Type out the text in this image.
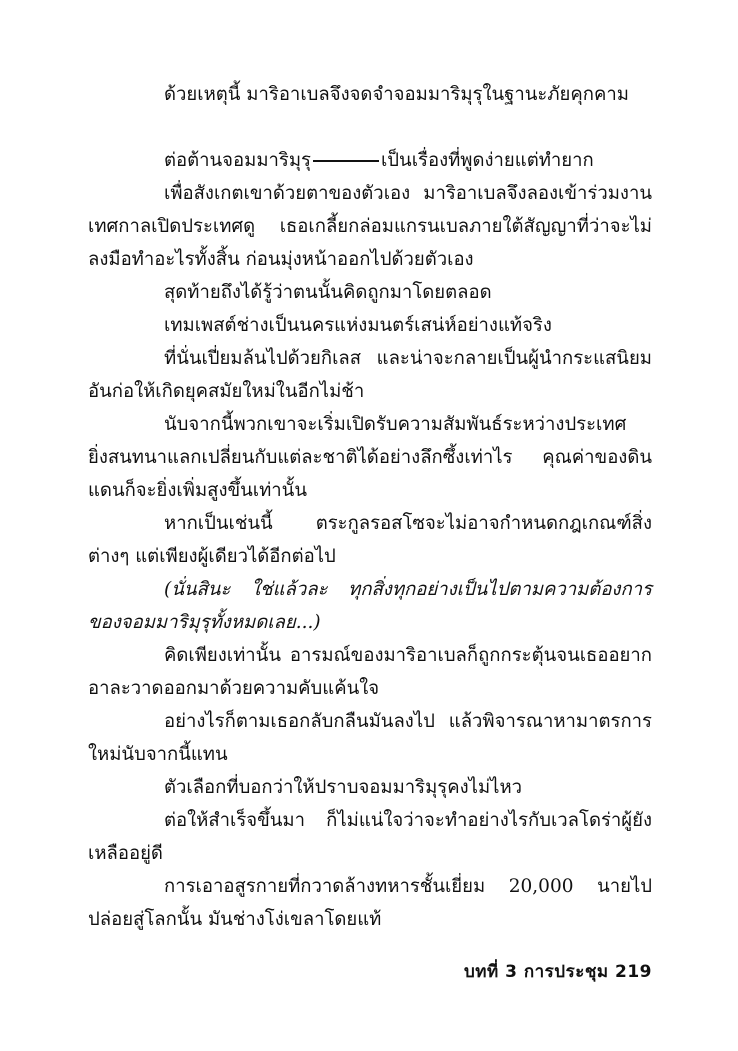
ด้วยเหตุนี้ มาริอาเบลจึงจดจำจอมมาริมุรุในฐานะภัยคุกคาม

ต่อต้านจอมมาริมุรุ	เป็นเรื่องที่พูดง่ายแต่ทำยาก

เพื่อสังเกตเขาด้วยตาของตัวเอง มาริอาเบลจึงลองเข้าร่วมงานเทศกาลเปิดประเทศดู เธอเกลี้ยกล่อมแกรนเบลภายใต้สัญญาที่ว่าจะไม่ลงมือทำอะไรทั้งสิ้น ก่อนมุ่งหน้าออกไปด้วยตัวเอง

สุดท้ายถึงได้รู้ว่าตนนั้นคิดถูกมาโดยตลอด

เทมเพสต์ช่างเป็นนครแห่งมนตร์เสน่ห์อย่างแท้จริง

ที่นั่นเปี่ยมล้นไปด้วยกิเลส และน่าจะกลายเป็นผู้นำกระแสนิยมอันก่อให้เกิดยุคสมัยใหม่ในอีกไม่ช้า

นับจากนี้พวกเขาจะเริ่มเปิดรับความสัมพันธ์ระหว่างประเทศ ยิ่งสนทนาแลกเปลี่ยนกับแต่ละชาติได้อย่างลึกซึ้งเท่าไร คุณค่าของดินแดนก็จะยิ่งเพิ่มสูงขึ้นเท่านั้น

หากเป็นเช่นนี้ ตระกูลรอสโซจะไม่อาจกำหนดกฎเกณฑ์สิ่งต่างๆ แต่เพียงผู้เดียวได้อีกต่อไป

(นั่นสินะ ใช่แล้วละ ทุกสิ่งทุกอย่างเป็นไปตามความต้องการของจอมมาริมุรุทั้งหมดเลย...)

คิดเพียงเท่านั้น อารมณ์ของมาริอาเบลก็ถูกกระตุ้นจนเธออยากอาละวาดออกมาด้วยความคับแค้นใจ

อย่างไรก็ตามเธอกลับกลืนมันลงไป แล้วพิจารณาหามาตรการใหม่นับจากนี้แทน

ตัวเลือกที่บอกว่าให้ปราบจอมมาริมุรุคงไม่ไหว

ต่อให้สำเร็จขึ้นมา ก็ไม่แน่ใจว่าจะทำอย่างไรกับเวลโดร่าผู้ยังเหลืออยู่ดี

การเอาอสูรกายที่กวาดล้างทหารชั้นเยี่ยม 20,000 นายไปปล่อยสู่โลกนั้น มันช่างโง่เขลาโดยแท้

บทที่ 3 การประชุม 219
